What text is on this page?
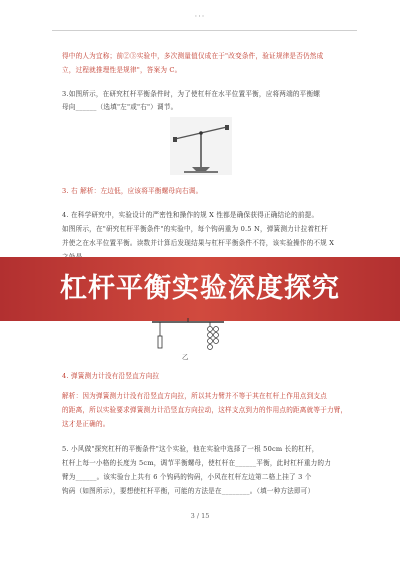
···
得中的人为宜称；前②③实验中，多次测量值仅成在于"改变条件，验证规律是否仍然成
立，过程就推理性是规律"，答案为 C。
3.如图所示，在研究杠杆平衡条件时，为了使杠杆在水平位置平衡，应将两端的平衡螺
母向______（选填"左"或"右"）调节。
3. 右 解析：左边低，应该将平衡螺母向右调。
4. 在科学研究中，实验设计的严密性和操作的规 X 性都是确保获得正确结论的前提。
如图所示，在"研究杠杆平衡条件"的实验中，每个钩码重为 0.5 N，弹簧测力计拉着杠杆
并使之在水平位置平衡。读数并计算后发现结果与杠杆平衡条件不符，该实验操作的不规 X
杠杆平衡实验深度探究
乙
4. 弹簧测力计没有沿竖直方向拉
解析：因为弹簧测力计没有沿竖直方向拉，所以其力臂并不等于其在杠杆上作用点到支点
的距离，所以实验要求弹簧测力计沿竖直方向拉动，这样支点到力的作用点的距离就等于力臂，
这才是正确的。
5. 小风做"探究杠杆的平衡条件"这个实验，他在实验中选择了一根 50cm 长的杠杆，
杠杆上每一小格的长度为 5cm，调节平衡螺母，使杠杆在______平衡，此时杠杆重力的力
臂为______。该实验台上共有 6 个钩码的钩码，小风在杠杆左边第二格上挂了 3 个
钩码（如图所示），要想使杠杆平衡，可能的方法是在________。（填一种方法即可）
3 / 15
